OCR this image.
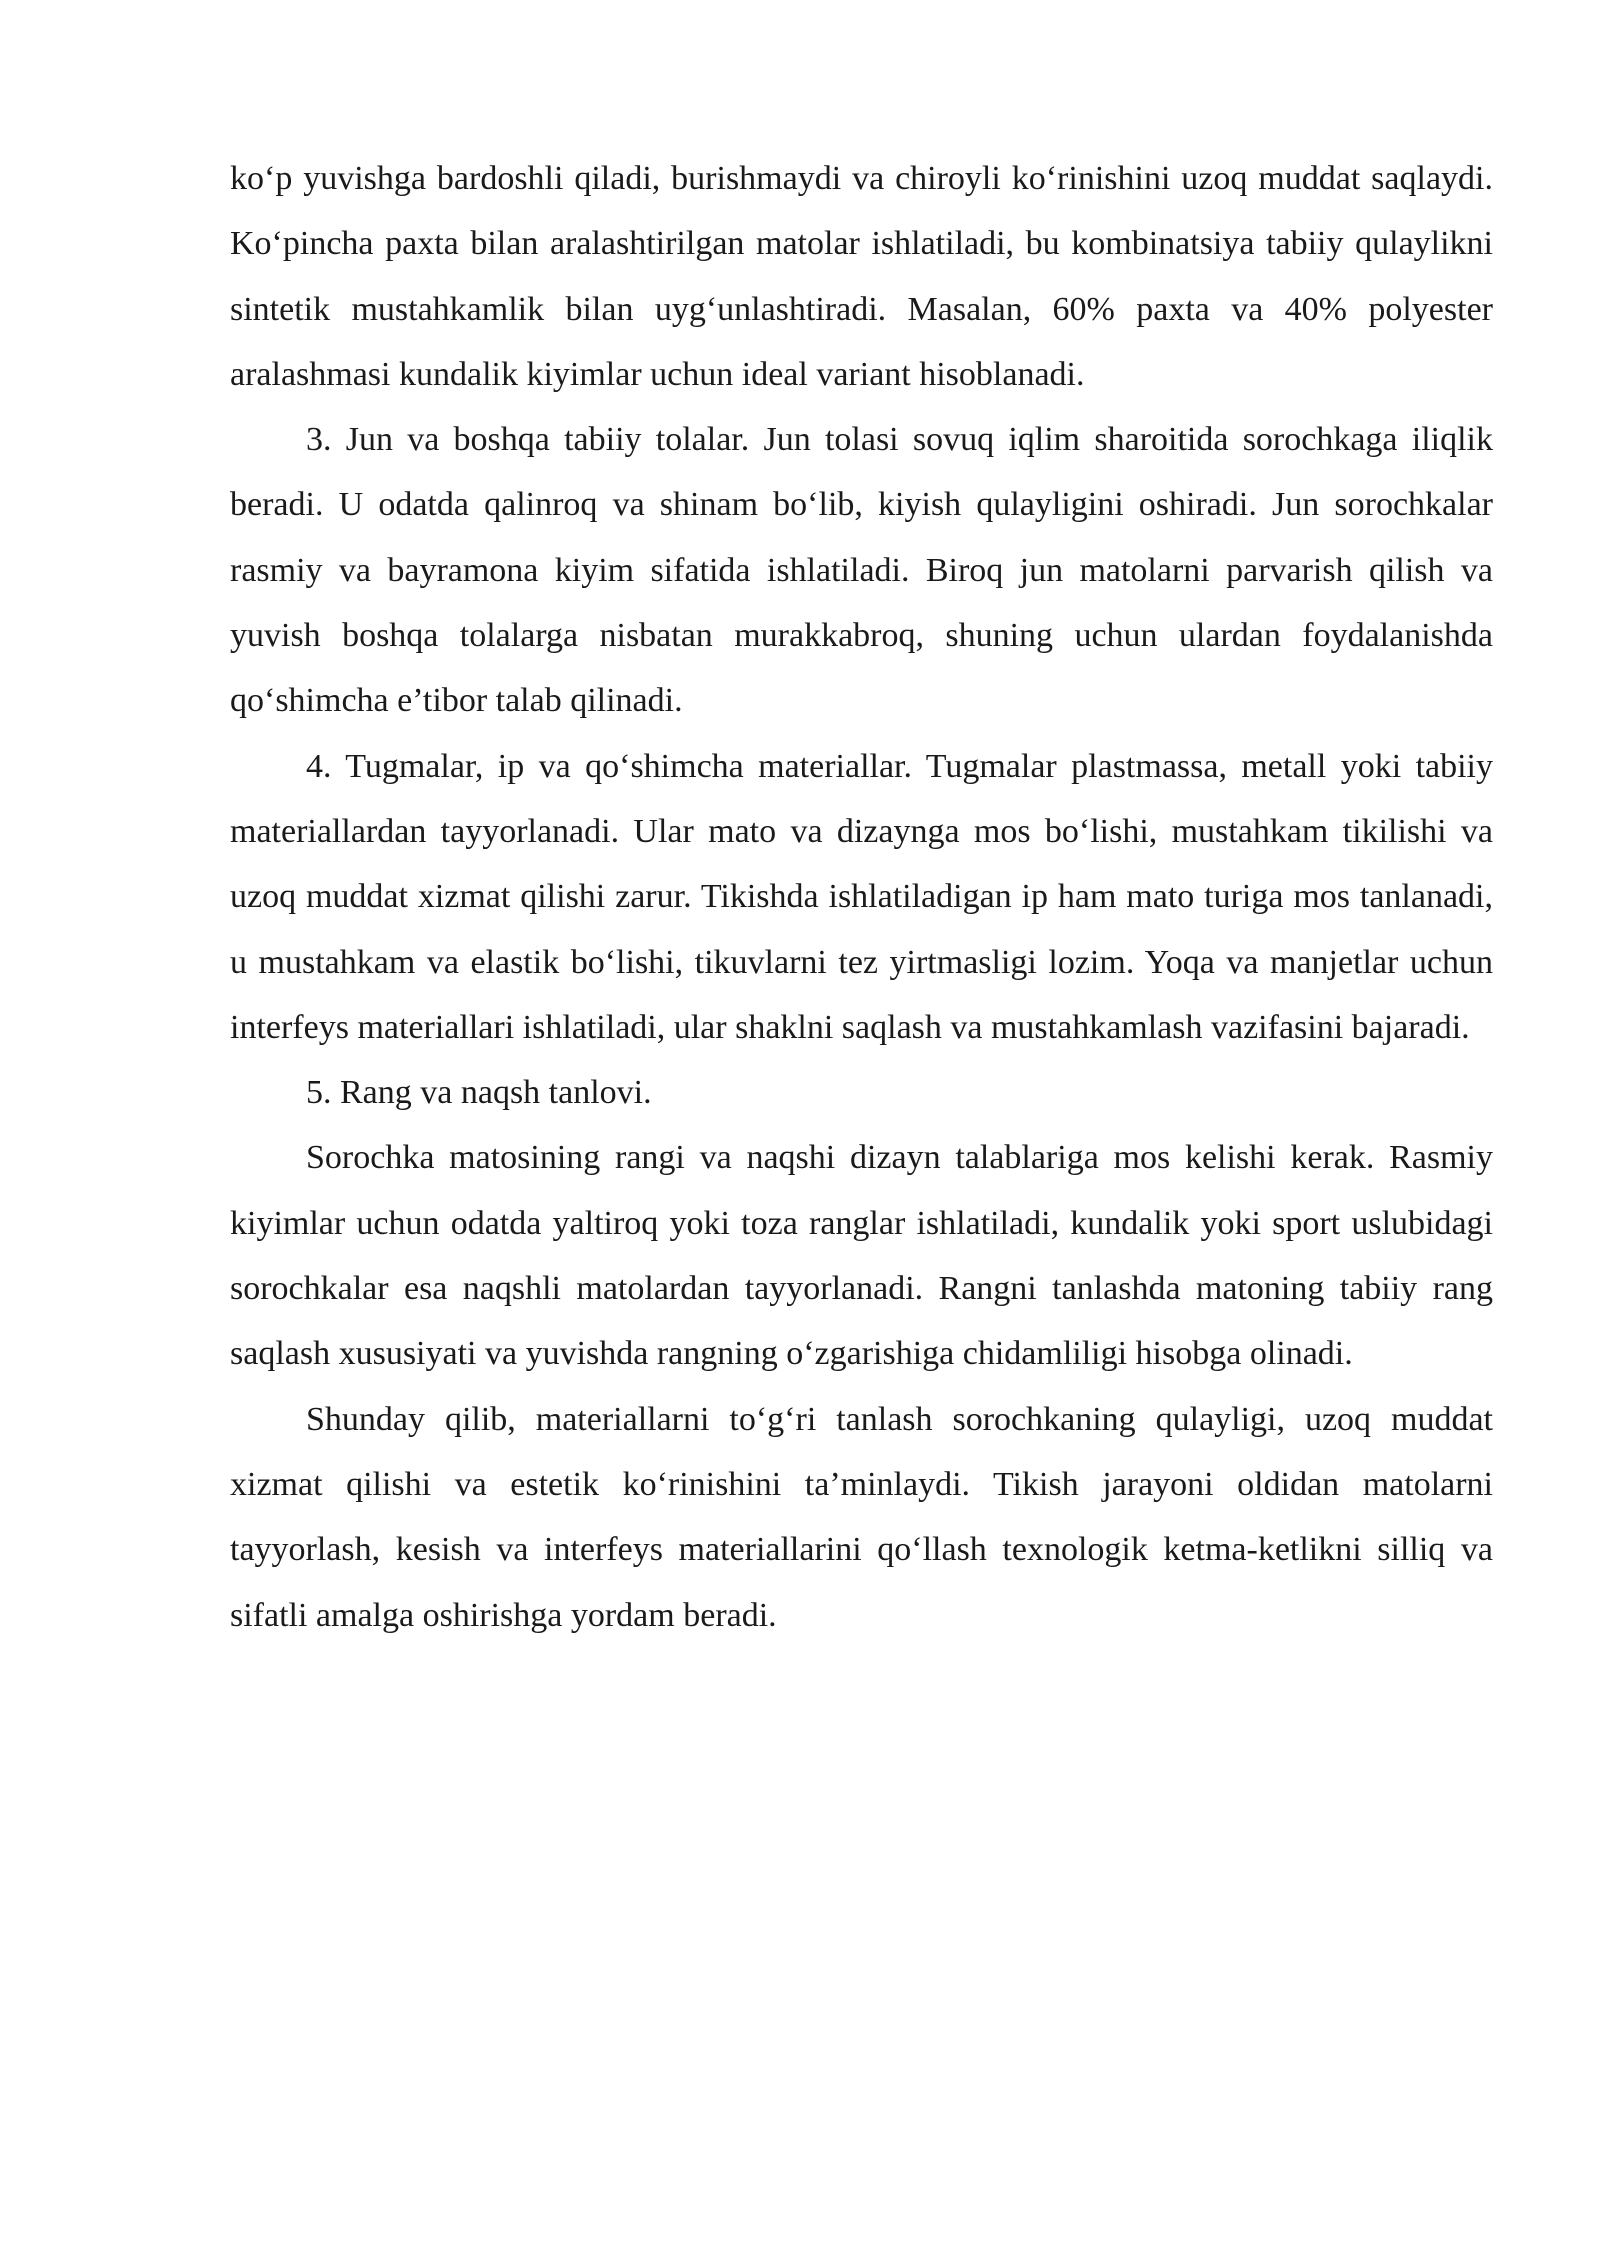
ko‘p yuvishga bardoshli qiladi, burishmaydi va chiroyli ko‘rinishini uzoq muddat saqlaydi. Ko‘pincha paxta bilan aralashtirilgan matolar ishlatiladi, bu kombinatsiya tabiiy qulaylikni sintetik mustahkamlik bilan uyg‘unlashtiradi. Masalan, 60% paxta va 40% polyester aralashmasi kundalik kiyimlar uchun ideal variant hisoblanadi.

3. Jun va boshqa tabiiy tolalar. Jun tolasi sovuq iqlim sharoitida sorochkaga iliqlik beradi. U odatda qalinroq va shinam bo‘lib, kiyish qulayligini oshiradi. Jun sorochkalar rasmiy va bayramona kiyim sifatida ishlatiladi. Biroq jun matolarni parvarish qilish va yuvish boshqa tolalarga nisbatan murakkabroq, shuning uchun ulardan foydalanishda qo‘shimcha e’tibor talab qilinadi.

4. Tugmalar, ip va qo‘shimcha materiallar. Tugmalar plastmassa, metall yoki tabiiy materiallardan tayyorlanadi. Ular mato va dizaynga mos bo‘lishi, mustahkam tikilishi va uzoq muddat xizmat qilishi zarur. Tikishda ishlatiladigan ip ham mato turiga mos tanlanadi, u mustahkam va elastik bo‘lishi, tikuvlarni tez yirtmasligi lozim. Yoqa va manjetlar uchun interfeys materiallari ishlatiladi, ular shaklni saqlash va mustahkamlash vazifasini bajaradi.

5. Rang va naqsh tanlovi.

Sorochka matosining rangi va naqshi dizayn talablariga mos kelishi kerak. Rasmiy kiyimlar uchun odatda yaltiroq yoki toza ranglar ishlatiladi, kundalik yoki sport uslubidagi sorochkalar esa naqshli matolardan tayyorlanadi. Rangni tanlashda matoning tabiiy rang saqlash xususiyati va yuvishda rangning o‘zgarishiga chidamliligi hisobga olinadi.

Shunday qilib, materiallarni to‘g‘ri tanlash sorochkaning qulayligi, uzoq muddat xizmat qilishi va estetik ko‘rinishini ta’minlaydi. Tikish jarayoni oldidan matolarni tayyorlash, kesish va interfeys materiallarini qo‘llash texnologik ketma-ketlikni silliq va sifatli amalga oshirishga yordam beradi.
